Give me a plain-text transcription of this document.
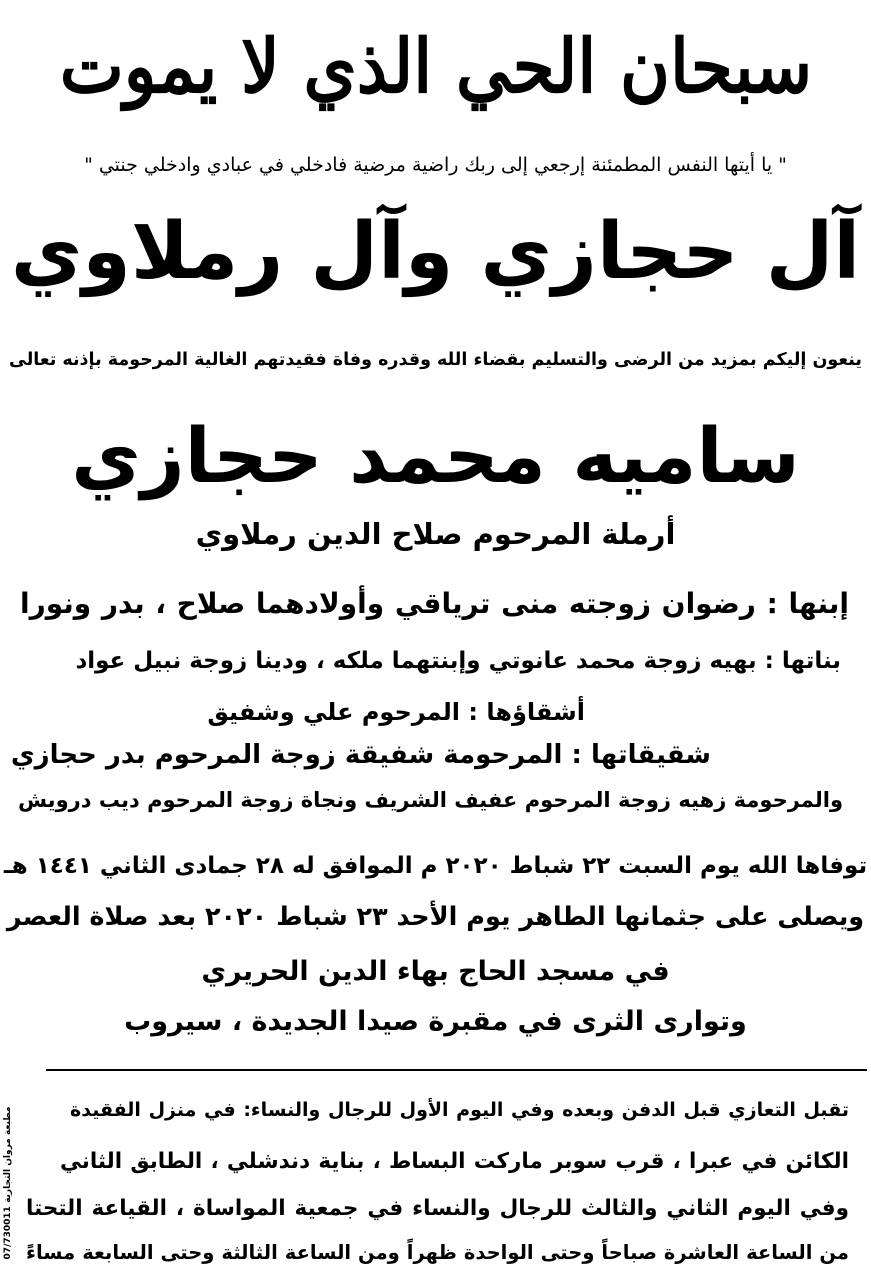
سبحان الحي الذي لا يموت
" يا أيتها النفس المطمئنة إرجعي إلى ربك راضية مرضية فادخلي في عبادي وادخلي جنتي "
آل حجازي وآل رملاوي
ينعون إليكم بمزيد من الرضى والتسليم بقضاء الله وقدره وفاة فقيدتهم الغالية المرحومة بإذنه تعالى
ساميه محمد حجازي
أرملة المرحوم صلاح الدين رملاوي
إبنها : رضوان زوجته منى ترياقي وأولادهما صلاح ، بدر ونورا
بناتها : بهيه زوجة محمد عانوتي وإبنتهما ملكه ، ودينا زوجة نبيل عواد
أشقاؤها : المرحوم علي وشفيق
شقيقاتها : المرحومة شفيقة زوجة المرحوم بدر حجازي
والمرحومة زهيه زوجة المرحوم عفيف الشريف ونجاة زوجة المرحوم ديب درويش
توفاها الله يوم السبت ٢٢ شباط ٢٠٢٠ م الموافق له ٢٨ جمادى الثاني ١٤٤١ هـ
ويصلى على جثمانها الطاهر يوم الأحد ٢٣ شباط ٢٠٢٠ بعد صلاة العصر
في مسجد الحاج بهاء الدين الحريري
وتوارى الثرى في مقبرة صيدا الجديدة ، سيروب
تقبل التعازي قبل الدفن وبعده وفي اليوم الأول للرجال والنساء: في منزل الفقيدة
الكائن في عبرا ، قرب سوبر ماركت البساط ، بناية دندشلي ، الطابق الثاني
وفي اليوم الثاني والثالث للرجال والنساء في جمعية المواساة ، القياعة التحتا
من الساعة العاشرة صباحاً وحتى الواحدة ظهراً ومن الساعة الثالثة وحتى السابعة مساءً
مطبعة مروان التجارية 07/730011
